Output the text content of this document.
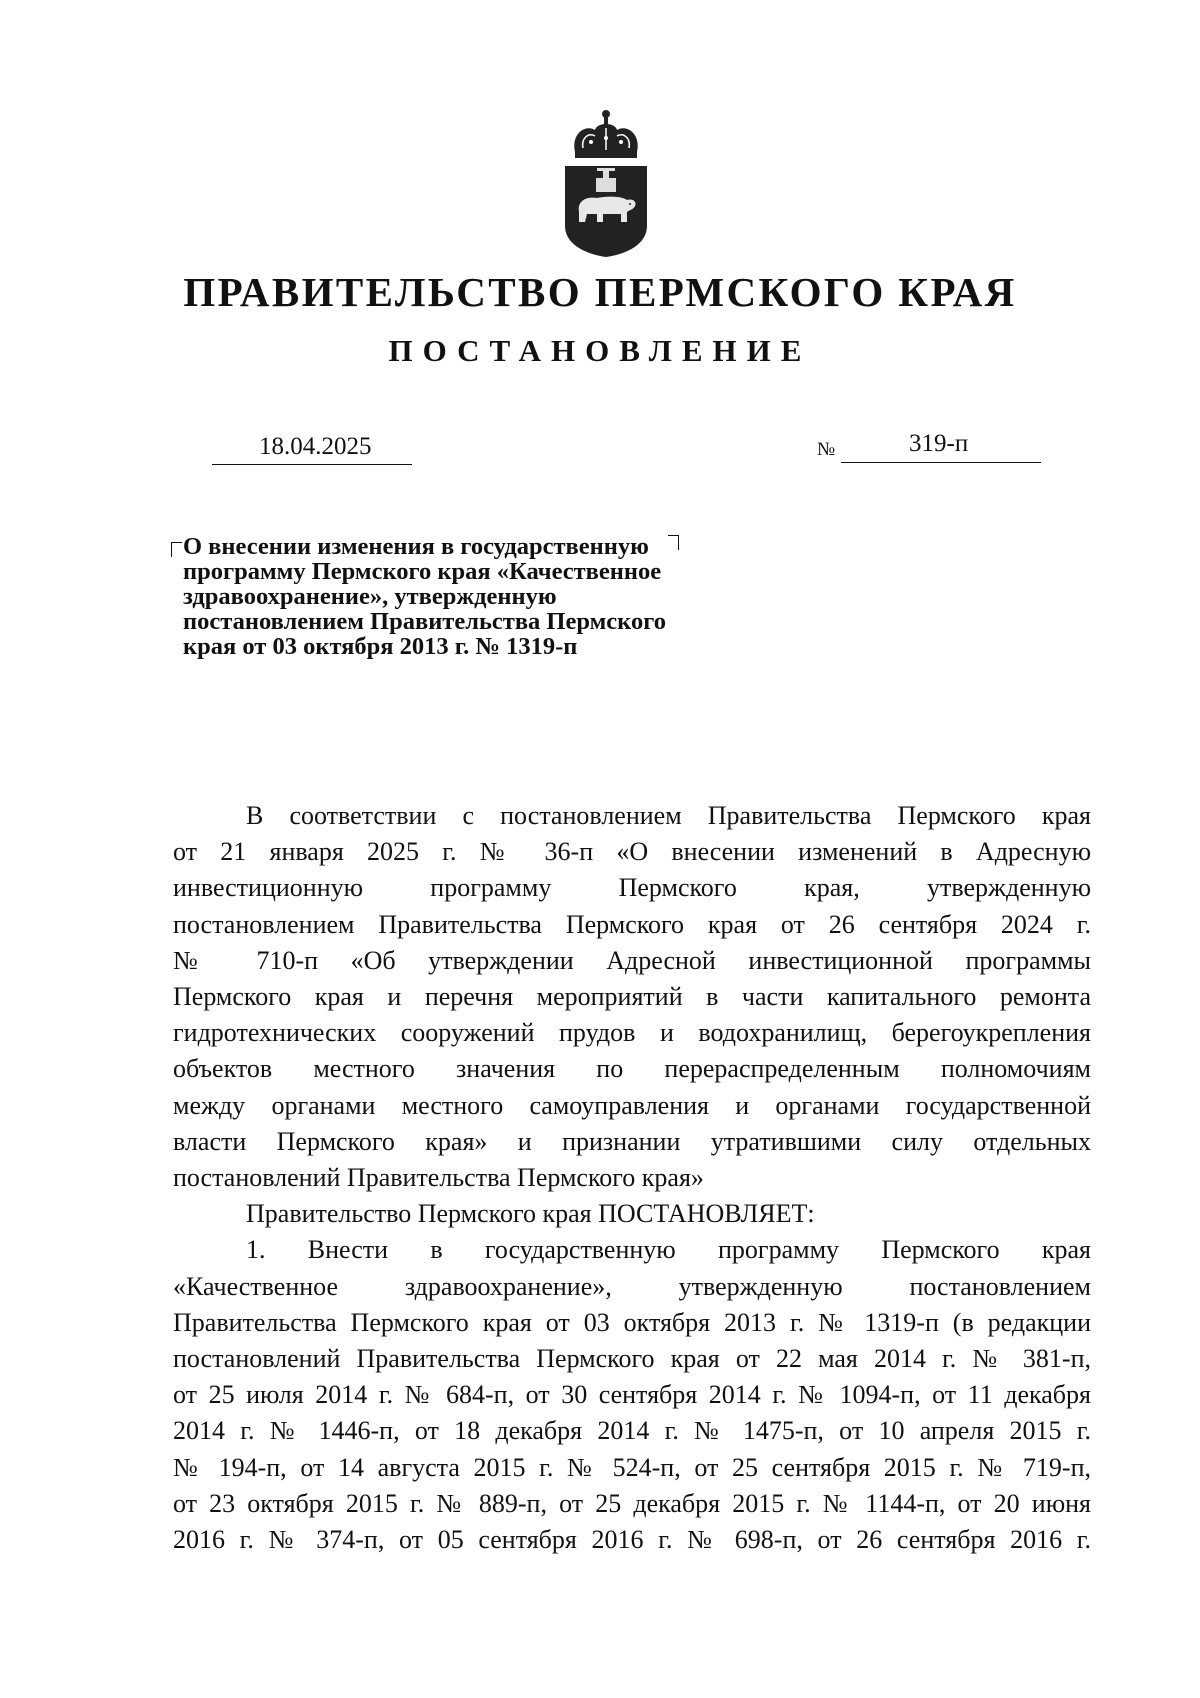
ПРАВИТЕЛЬСТВО ПЕРМСКОГО КРАЯ
ПОСТАНОВЛЕНИЕ
18.04.2025	№	319-п
О внесении изменения в государственную
программу Пермского края «Качественное
здравоохранение», утвержденную
постановлением Правительства Пермского
края от 03 октября 2013 г. № 1319-п
В соответствии с постановлением Правительства Пермского края
от 21 января 2025 г. № 36-п «О внесении изменений в Адресную
инвестиционную программу Пермского края, утвержденную
постановлением Правительства Пермского края от 26 сентября 2024 г.
№ 710-п «Об утверждении Адресной инвестиционной программы
Пермского края и перечня мероприятий в части капитального ремонта
гидротехнических сооружений прудов и водохранилищ, берегоукрепления
объектов местного значения по перераспределенным полномочиям
между органами местного самоуправления и органами государственной
власти Пермского края» и признании утратившими силу отдельных
постановлений Правительства Пермского края»
Правительство Пермского края ПОСТАНОВЛЯЕТ:
1. Внести в государственную программу Пермского края
«Качественное здравоохранение», утвержденную постановлением
Правительства Пермского края от 03 октября 2013 г. № 1319-п (в редакции
постановлений Правительства Пермского края от 22 мая 2014 г. № 381-п,
от 25 июля 2014 г. № 684-п, от 30 сентября 2014 г. № 1094-п, от 11 декабря
2014 г. № 1446-п, от 18 декабря 2014 г. № 1475-п, от 10 апреля 2015 г.
№ 194-п, от 14 августа 2015 г. № 524-п, от 25 сентября 2015 г. № 719-п,
от 23 октября 2015 г. № 889-п, от 25 декабря 2015 г. № 1144-п, от 20 июня
2016 г. № 374-п, от 05 сентября 2016 г. № 698-п, от 26 сентября 2016 г.
